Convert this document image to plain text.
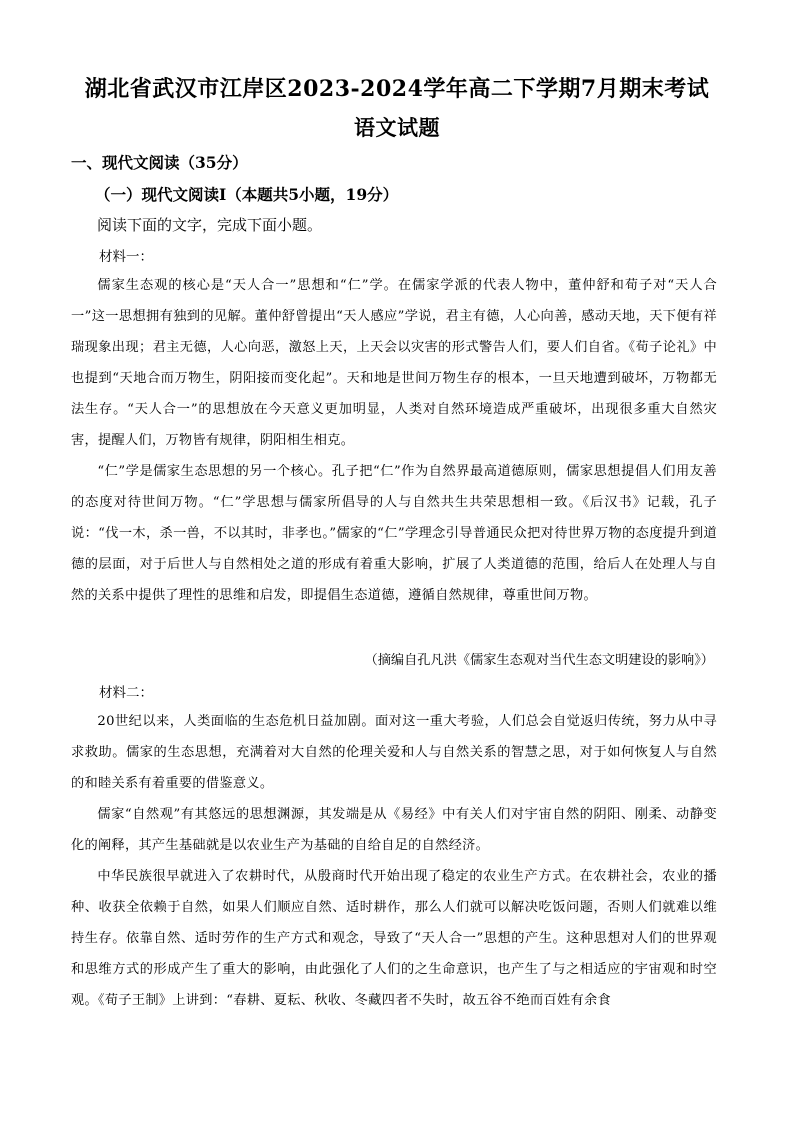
湖北省武汉市江岸区2023-2024学年高二下学期7月期末考试
语文试题
一、现代文阅读（35分）
（一）现代文阅读Ⅰ（本题共5小题，19分）
阅读下面的文字，完成下面小题。
材料一：

儒家生态观的核心是“天人合一”思想和“仁”学。在儒家学派的代表人物中，董仲舒和荀子对“天人合一”这一思想拥有独到的见解。董仲舒曾提出“天人感应”学说，君主有德，人心向善，感动天地，天下便有祥瑞现象出现；君主无德，人心向恶，激怒上天，上天会以灾害的形式警告人们，要人们自省。《荀子论礼》中也提到“天地合而万物生，阴阳接而变化起”。天和地是世间万物生存的根本，一旦天地遭到破坏，万物都无法生存。“天人合一”的思想放在今天意义更加明显，人类对自然环境造成严重破坏，出现很多重大自然灾害，提醒人们，万物皆有规律，阴阳相生相克。

“仁”学是儒家生态思想的另一个核心。孔子把“仁”作为自然界最高道德原则，儒家思想提倡人们用友善的态度对待世间万物。“仁”学思想与儒家所倡导的人与自然共生共荣思想相一致。《后汉书》记载，孔子说：“伐一木，杀一兽，不以其时，非孝也。”儒家的“仁”学理念引导普通民众把对待世界万物的态度提升到道德的层面，对于后世人与自然相处之道的形成有着重大影响，扩展了人类道德的范围，给后人在处理人与自然的关系中提供了理性的思维和启发，即提倡生态道德，遵循自然规律，尊重世间万物。

（摘编自孔凡洪《儒家生态观对当代生态文明建设的影响》）
材料二：

20世纪以来，人类面临的生态危机日益加剧。面对这一重大考验，人们总会自觉返归传统，努力从中寻求救助。儒家的生态思想，充满着对大自然的伦理关爱和人与自然关系的智慧之思，对于如何恢复人与自然的和睦关系有着重要的借鉴意义。

儒家“自然观”有其悠远的思想渊源，其发端是从《易经》中有关人们对宇宙自然的阴阳、刚柔、动静变化的阐释，其产生基础就是以农业生产为基础的自给自足的自然经济。

中华民族很早就进入了农耕时代，从殷商时代开始出现了稳定的农业生产方式。在农耕社会，农业的播种、收获全依赖于自然，如果人们顺应自然、适时耕作，那么人们就可以解决吃饭问题，否则人们就难以维持生存。依靠自然、适时劳作的生产方式和观念，导致了“天人合一”思想的产生。这种思想对人们的世界观和思维方式的形成产生了重大的影响，由此强化了人们的之生命意识，也产生了与之相适应的宇宙观和时空观。《荀子王制》上讲到：“春耕、夏耘、秋收、冬藏四者不失时，故五谷不绝而百姓有余食
